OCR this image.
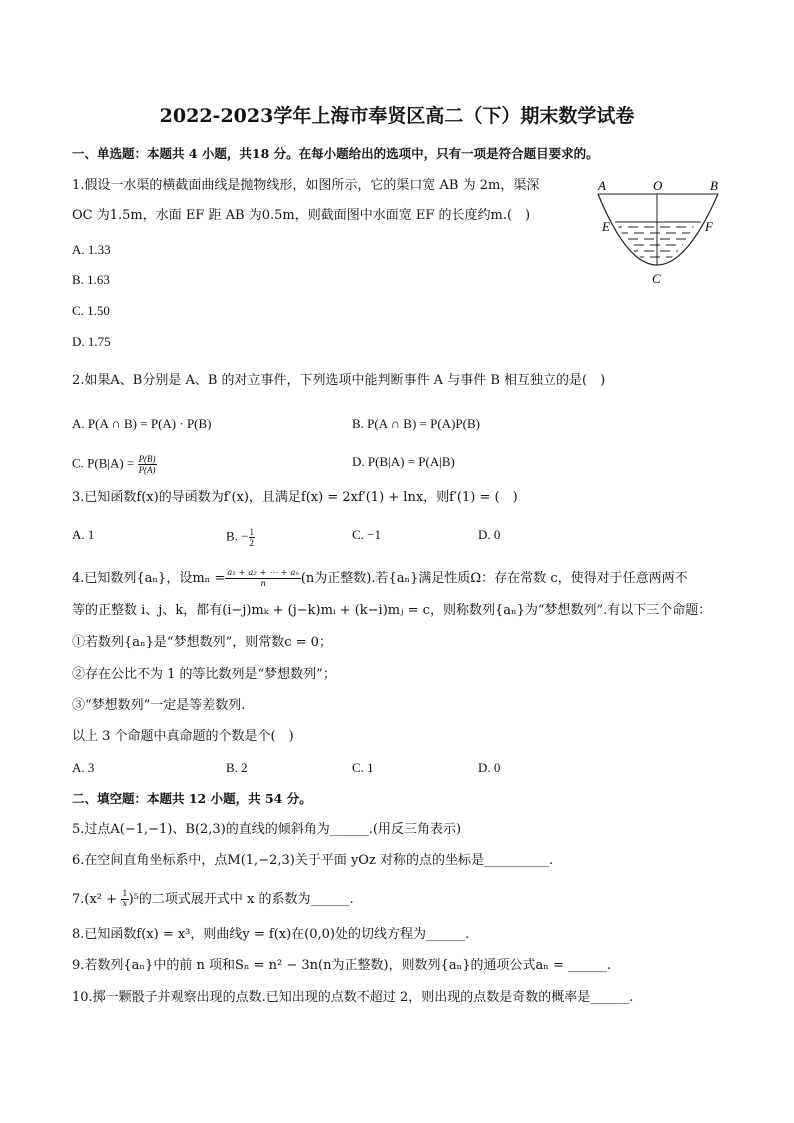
2022-2023学年上海市奉贤区高二（下）期末数学试卷
一、单选题：本题共 4 小题，共18 分。在每小题给出的选项中，只有一项是符合题目要求的。
1.假设一水渠的横截面曲线是抛物线形，如图所示，它的渠口宽 AB 为 2m，渠深
OC 为1.5m，水面 EF 距 AB 为0.5m，则截面图中水面宽 EF 的长度约m.(　)
A. 1.33
B. 1.63
C. 1.50
D. 1.75
A	O	B
E	F
C
2.如果A、B分别是 A、B 的对立事件，下列选项中能判断事件 A 与事件 B 相互独立的是(　)
A. P(A ∩ B) = P(A) · P(B)	B. P(A ∩ B) = P(A)P(B)
C. $P(B|A) = \frac{P(B)}{P(A)}$	D. P(B|A) = P(A|B)
3.已知函数f(x)的导函数为f′(x)，且满足f(x) = 2xf′(1) + lnx，则f′(1) = (　)
A. 1	B. − $\frac{1}{2}$	C. −1	D. 0
4.已知数列{aₙ}，设$m_n = \frac{\text{a₁ + a₂ + ⋯ + aₙ}}{n} (n$为正整数).若{aₙ}满足性质Ω：存在常数 c，使得对于任意两两不
等的正整数 i、j、k，都有(i−j)mₖ + (j−k)mᵢ + (k−i)mⱼ = c，则称数列{aₙ}为“梦想数列”.有以下三个命题：
①若数列{aₙ}是“梦想数列”，则常数c = 0；
②存在公比不为 1 的等比数列是“梦想数列”；
③“梦想数列”一定是等差数列.
以上 3 个命题中真命题的个数是个(　)
A. 3	B. 2	C. 1	D. 0
二、填空题：本题共 12 小题，共 54 分。
5.过点A(−1,−1)、B(2,3)的直线的倾斜角为______.(用反三角表示)
6.在空间直角坐标系中，点M(1,−2,3)关于平面 yOz 对称的点的坐标是__________.
$7.(x^2 + \frac{1}{x} )^5$的二项式展开式中 x 的系数为______.
8.已知函数f(x) = x³，则曲线y = f(x)在(0,0)处的切线方程为______.
9.若数列{aₙ}中的前 n 项和Sₙ = n² − 3n(n为正整数)，则数列{aₙ}的通项公式aₙ = ______.
10.掷一颗骰子并观察出现的点数.已知出现的点数不超过 2，则出现的点数是奇数的概率是______.
